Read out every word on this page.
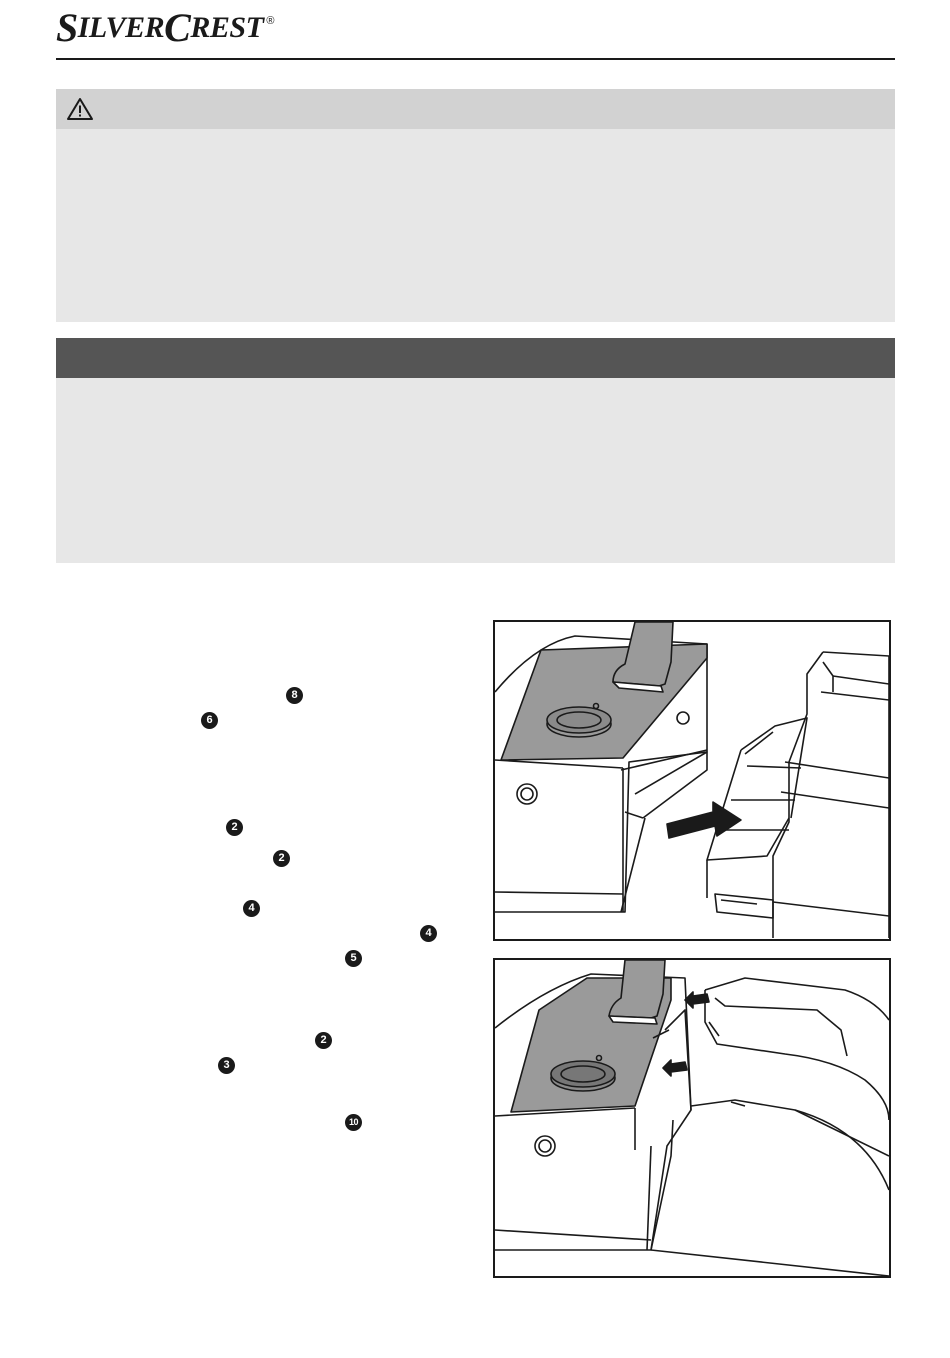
S ILVER C REST ®
8
6
2
2
4
4
5
2
3
10
